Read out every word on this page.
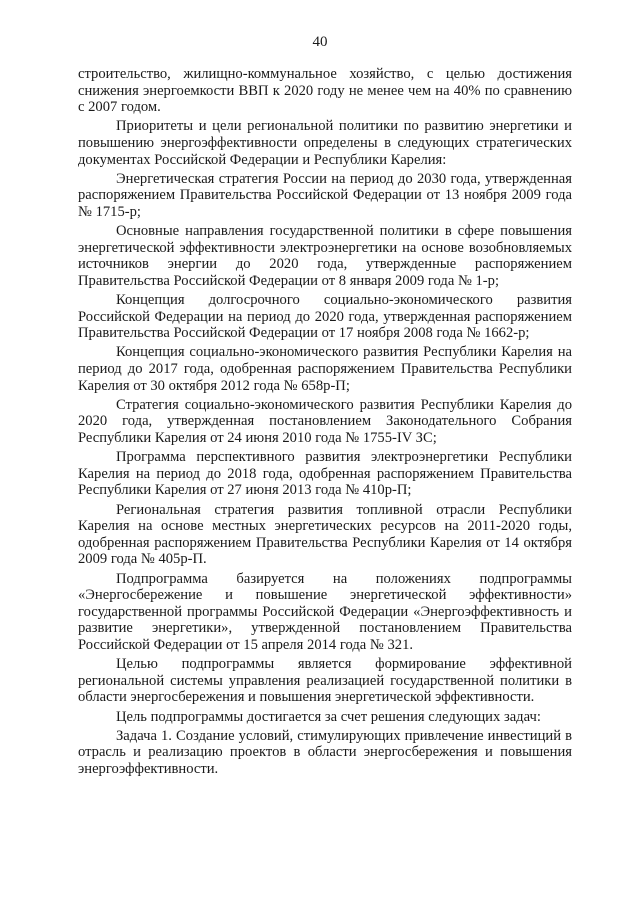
40

строительство, жилищно-коммунальное хозяйство, с целью достижения снижения энергоемкости ВВП к 2020 году не менее чем на 40% по сравнению с 2007 годом.

Приоритеты и цели региональной политики по развитию энергетики и повышению энергоэффективности определены в следующих стратегических документах Российской Федерации и Республики Карелия:

Энергетическая стратегия России на период до 2030 года, утвержденная распоряжением Правительства Российской Федерации от 13 ноября 2009 года № 1715-р;

Основные направления государственной политики в сфере повышения энергетической эффективности электроэнергетики на основе возобновляемых источников энергии до 2020 года, утвержденные распоряжением Правительства Российской Федерации от 8 января 2009 года № 1-р;

Концепция долгосрочного социально-экономического развития Российской Федерации на период до 2020 года, утвержденная распоряжением Правительства Российской Федерации от 17 ноября 2008 года № 1662-р;

Концепция социально-экономического развития Республики Карелия на период до 2017 года, одобренная распоряжением Правительства Республики Карелия от 30 октября 2012 года № 658р-П;

Стратегия социально-экономического развития Республики Карелия до 2020 года, утвержденная постановлением Законодательного Собрания Республики Карелия от 24 июня 2010 года № 1755-IV ЗС;

Программа перспективного развития электроэнергетики Республики Карелия на период до 2018 года, одобренная распоряжением Правительства Республики Карелия от 27 июня 2013 года № 410р-П;

Региональная стратегия развития топливной отрасли Республики Карелия на основе местных энергетических ресурсов на 2011-2020 годы, одобренная распоряжением Правительства Республики Карелия от 14 октября 2009 года № 405р-П.

Подпрограмма базируется на положениях подпрограммы «Энергосбережение и повышение энергетической эффективности» государственной программы Российской Федерации «Энергоэффективность и развитие энергетики», утвержденной постановлением Правительства Российской Федерации от 15 апреля 2014 года № 321.

Целью подпрограммы является формирование эффективной региональной системы управления реализацией государственной политики в области энергосбережения и повышения энергетической эффективности.

Цель подпрограммы достигается за счет решения следующих задач:

Задача 1. Создание условий, стимулирующих привлечение инвестиций в отрасль и реализацию проектов в области энергосбережения и повышения энергоэффективности.
